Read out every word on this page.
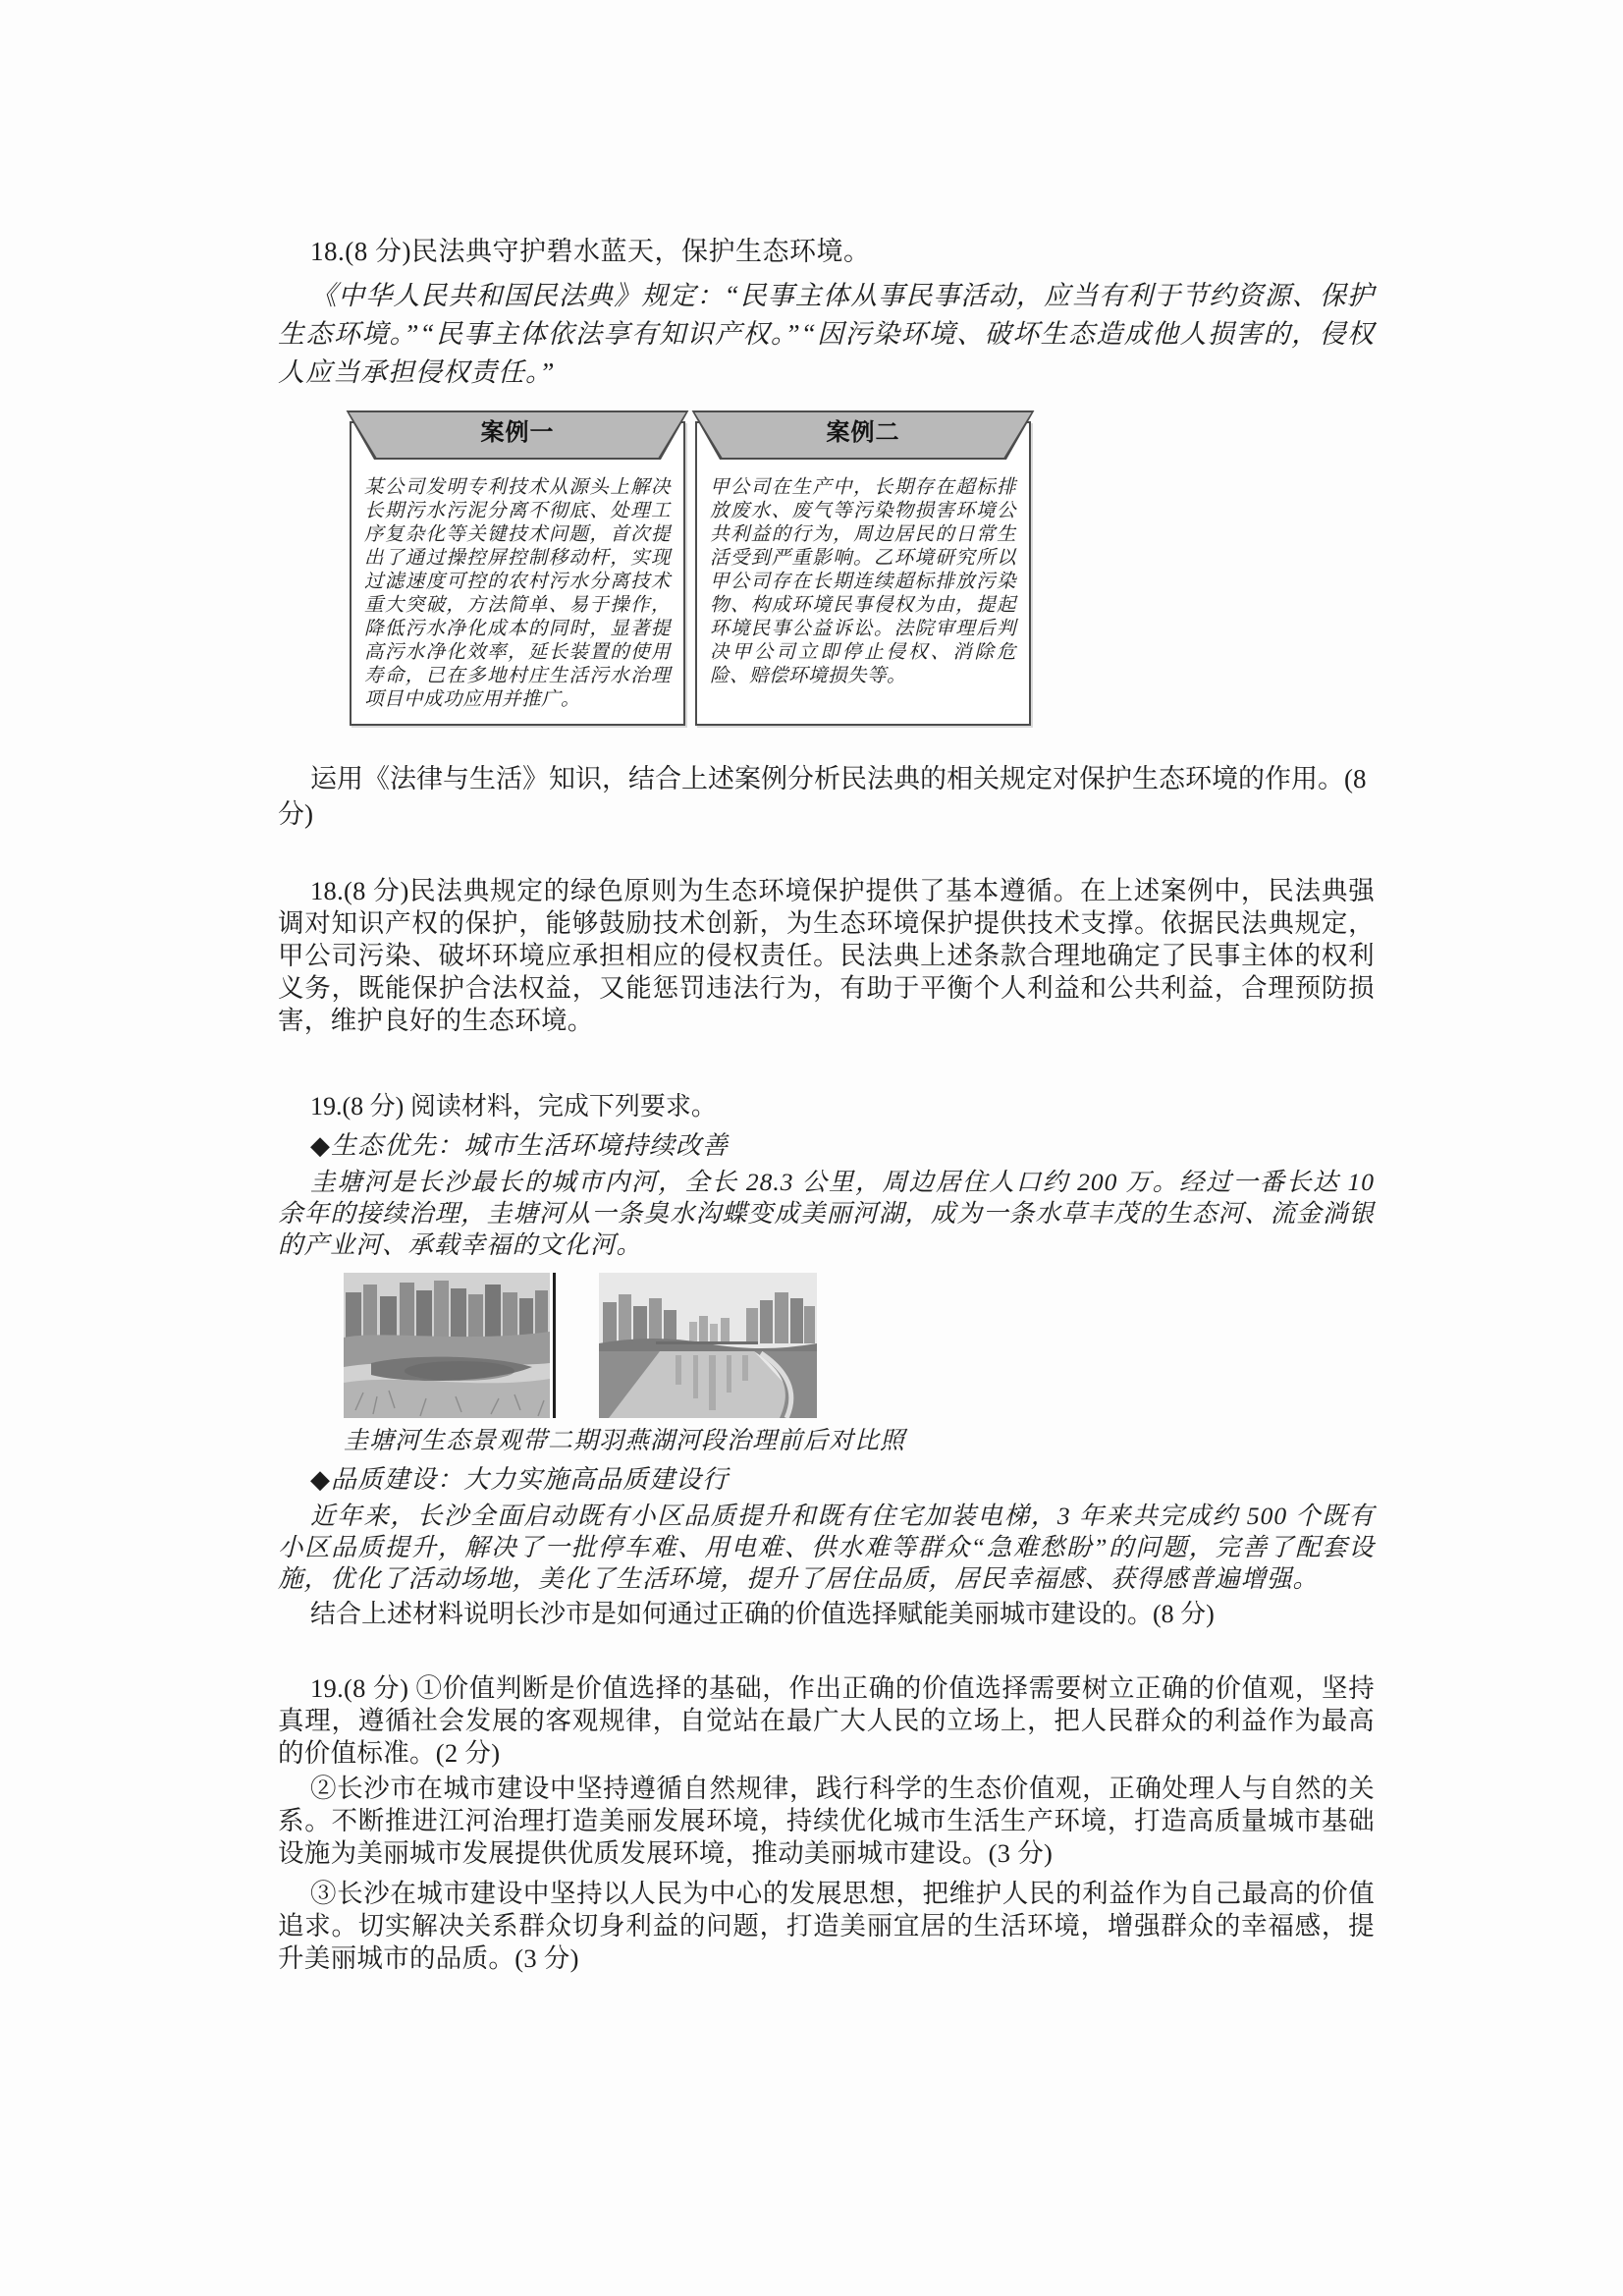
18.(8 分)民法典守护碧水蓝天，保护生态环境。

《中华人民共和国民法典》规定：“民事主体从事民事活动，应当有利于节约资源、保护生态环境。”“民事主体依法享有知识产权。”“因污染环境、破坏生态造成他人损害的，侵权人应当承担侵权责任。”

案例一

某公司发明专利技术从源头上解决长期污水污泥分离不彻底、处理工序复杂化等关键技术问题，首次提出了通过操控屏控制移动杆，实现过滤速度可控的农村污水分离技术重大突破，方法简单、易于操作，降低污水净化成本的同时，显著提高污水净化效率，延长装置的使用寿命，已在多地村庄生活污水治理项目中成功应用并推广。

案例二

甲公司在生产中，长期存在超标排放废水、废气等污染物损害环境公共利益的行为，周边居民的日常生活受到严重影响。乙环境研究所以甲公司存在长期连续超标排放污染物、构成环境民事侵权为由，提起环境民事公益诉讼。法院审理后判决甲公司立即停止侵权、消除危险、赔偿环境损失等。

运用《法律与生活》知识，结合上述案例分析民法典的相关规定对保护生态环境的作用。(8 分)

18.(8 分)民法典规定的绿色原则为生态环境保护提供了基本遵循。在上述案例中，民法典强调对知识产权的保护，能够鼓励技术创新，为生态环境保护提供技术支撑。依据民法典规定，甲公司污染、破坏环境应承担相应的侵权责任。民法典上述条款合理地确定了民事主体的权利义务，既能保护合法权益，又能惩罚违法行为，有助于平衡个人利益和公共利益，合理预防损害，维护良好的生态环境。

19.(8 分) 阅读材料，完成下列要求。

◆生态优先：城市生活环境持续改善

圭塘河是长沙最长的城市内河，全长 28.3 公里，周边居住人口约 200 万。经过一番长达 10 余年的接续治理，圭塘河从一条臭水沟蝶变成美丽河湖，成为一条水草丰茂的生态河、流金淌银的产业河、承载幸福的文化河。

圭塘河生态景观带二期羽燕湖河段治理前后对比照

◆品质建设：大力实施高品质建设行

近年来，长沙全面启动既有小区品质提升和既有住宅加装电梯，3 年来共完成约 500 个既有小区品质提升，解决了一批停车难、用电难、供水难等群众“急难愁盼”的问题，完善了配套设施，优化了活动场地，美化了生活环境，提升了居住品质，居民幸福感、获得感普遍增强。

结合上述材料说明长沙市是如何通过正确的价值选择赋能美丽城市建设的。(8 分)

19.(8 分) ①价值判断是价值选择的基础，作出正确的价值选择需要树立正确的价值观，坚持真理，遵循社会发展的客观规律，自觉站在最广大人民的立场上，把人民群众的利益作为最高的价值标准。(2 分)

②长沙市在城市建设中坚持遵循自然规律，践行科学的生态价值观，正确处理人与自然的关系。不断推进江河治理打造美丽发展环境，持续优化城市生活生产环境，打造高质量城市基础设施为美丽城市发展提供优质发展环境，推动美丽城市建设。(3 分)

③长沙在城市建设中坚持以人民为中心的发展思想，把维护人民的利益作为自己最高的价值追求。切实解决关系群众切身利益的问题，打造美丽宜居的生活环境，增强群众的幸福感，提升美丽城市的品质。(3 分)
